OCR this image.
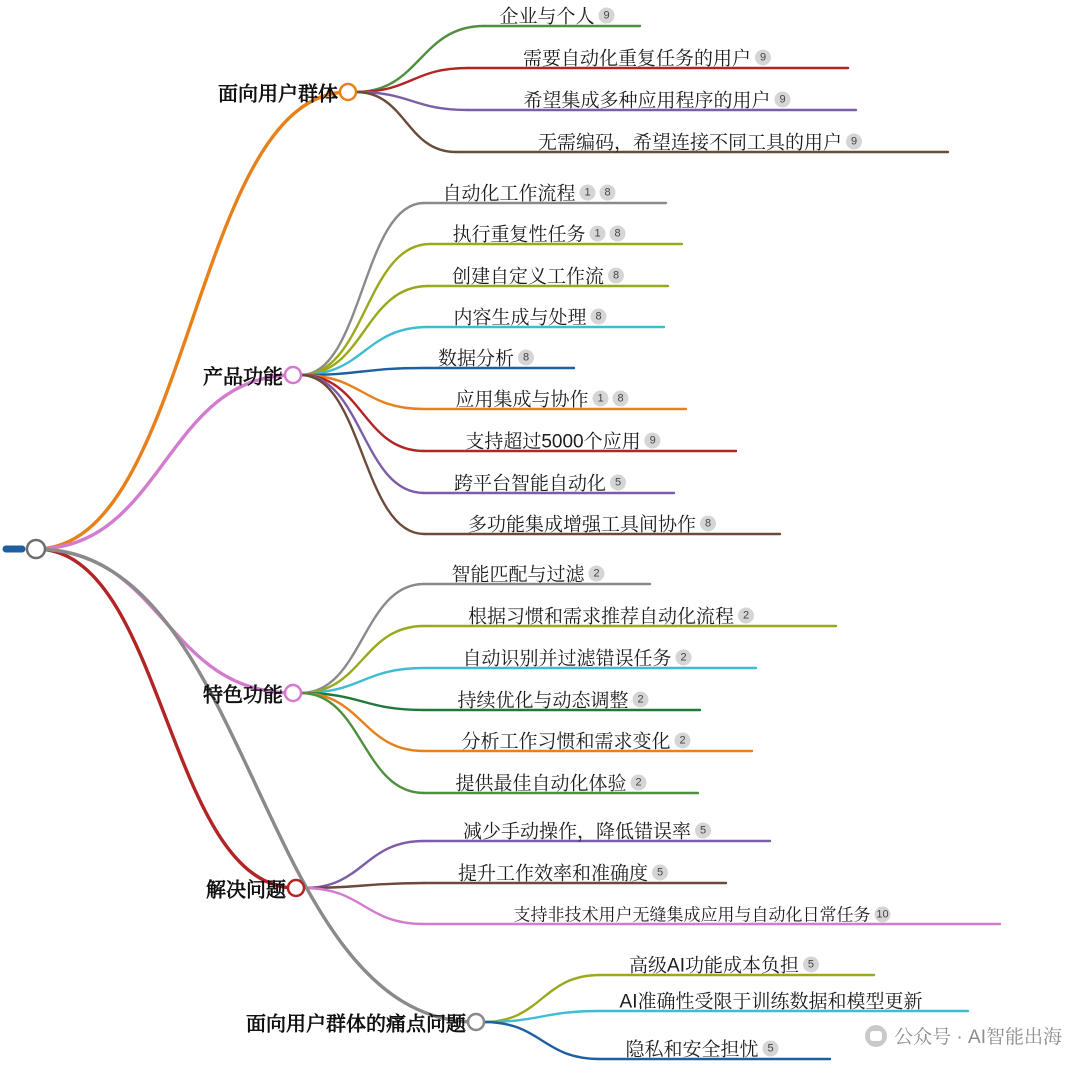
面向用户群体
企业与个人 9
需要自动化重复任务的用户 9
希望集成多种应用程序的用户 9
无需编码，希望连接不同工具的用户 9
产品功能
自动化工作流程 1 8
执行重复性任务 1 8
创建自定义工作流 8
内容生成与处理 8
数据分析 8
应用集成与协作 1 8
支持超过5000个应用 9
跨平台智能自动化 5
多功能集成增强工具间协作 8
特色功能
智能匹配与过滤 2
根据习惯和需求推荐自动化流程 2
自动识别并过滤错误任务 2
持续优化与动态调整 2
分析工作习惯和需求变化 2
提供最佳自动化体验 2
解决问题
减少手动操作，降低错误率 5
提升工作效率和准确度 5
支持非技术用户无缝集成应用与自动化日常任务 10
面向用户群体的痛点问题
高级AI功能成本负担 5
AI准确性受限于训练数据和模型更新
隐私和安全担忧 5
公众号 · AI智能出海
